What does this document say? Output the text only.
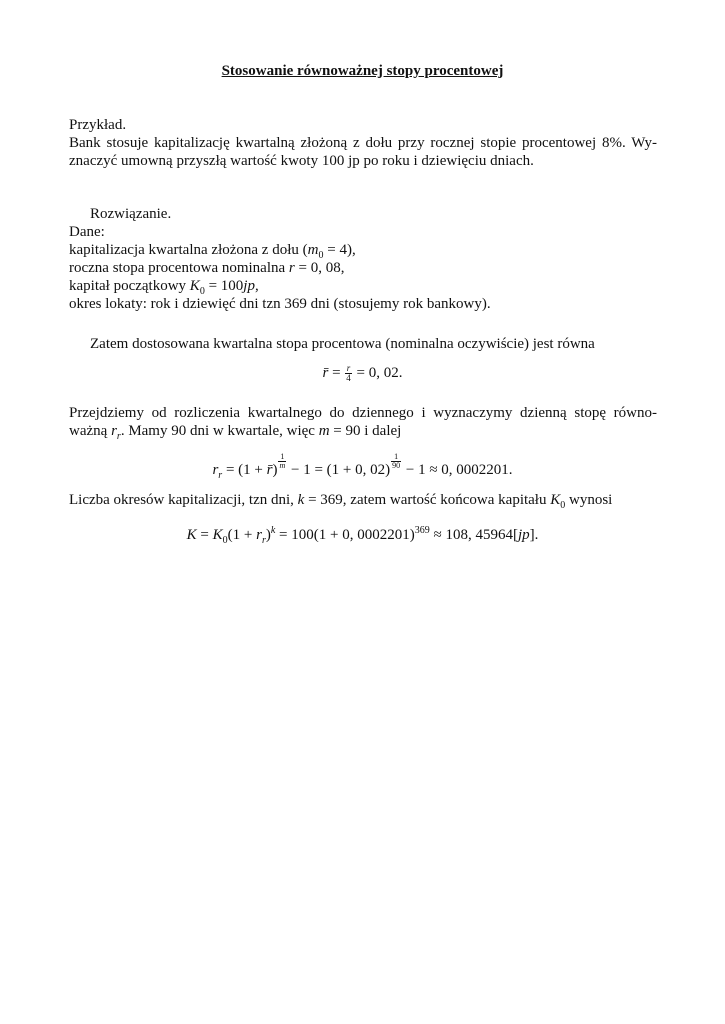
Stosowanie równoważnej stopy procentowej
Przykład.
Bank stosuje kapitalizację kwartalną złożoną z dołu przy rocznej stopie procentowej 8%. Wy-
znaczyć umowną przyszłą wartość kwoty 100 jp po roku i dziewięciu dniach.
Rozwiązanie.
Dane:
kapitalizacja kwartalna złożona z dołu $(m_0 = 4)$,
roczna stopa procentowa nominalna r = 0, 08,
kapitał początkowy $K_0 = 100jp$,
okres lokaty: rok i dziewięć dni tzn 369 dni (stosujemy rok bankowy).
Zatem dostosowana kwartalna stopa procentowa (nominalna oczywiście) jest równa
r̄ = $\frac{r}{4} = 0$, 02.
Przejdziemy od rozliczenia kwartalnego do dziennego i wyznaczymy dzienną stopę równo-
ważną $r_r$. Mamy 90 dni w kwartale, więc m = 90 i dalej
$r_r = (1$ + r̄) $\frac{1}{m} - 1 = (1 + 0$, $02) \frac{1}{90} - 1 \approx 0$, 0002201.
Liczba okresów kapitalizacji, tzn dni, k = 369, zatem wartość końcowa kapitału $K_0$ wynosi
$K = K_0(1 + r_r)^k = 100(1 + 0$, 0002201)$^{369}$ ≈ 108, 45964[jp].
